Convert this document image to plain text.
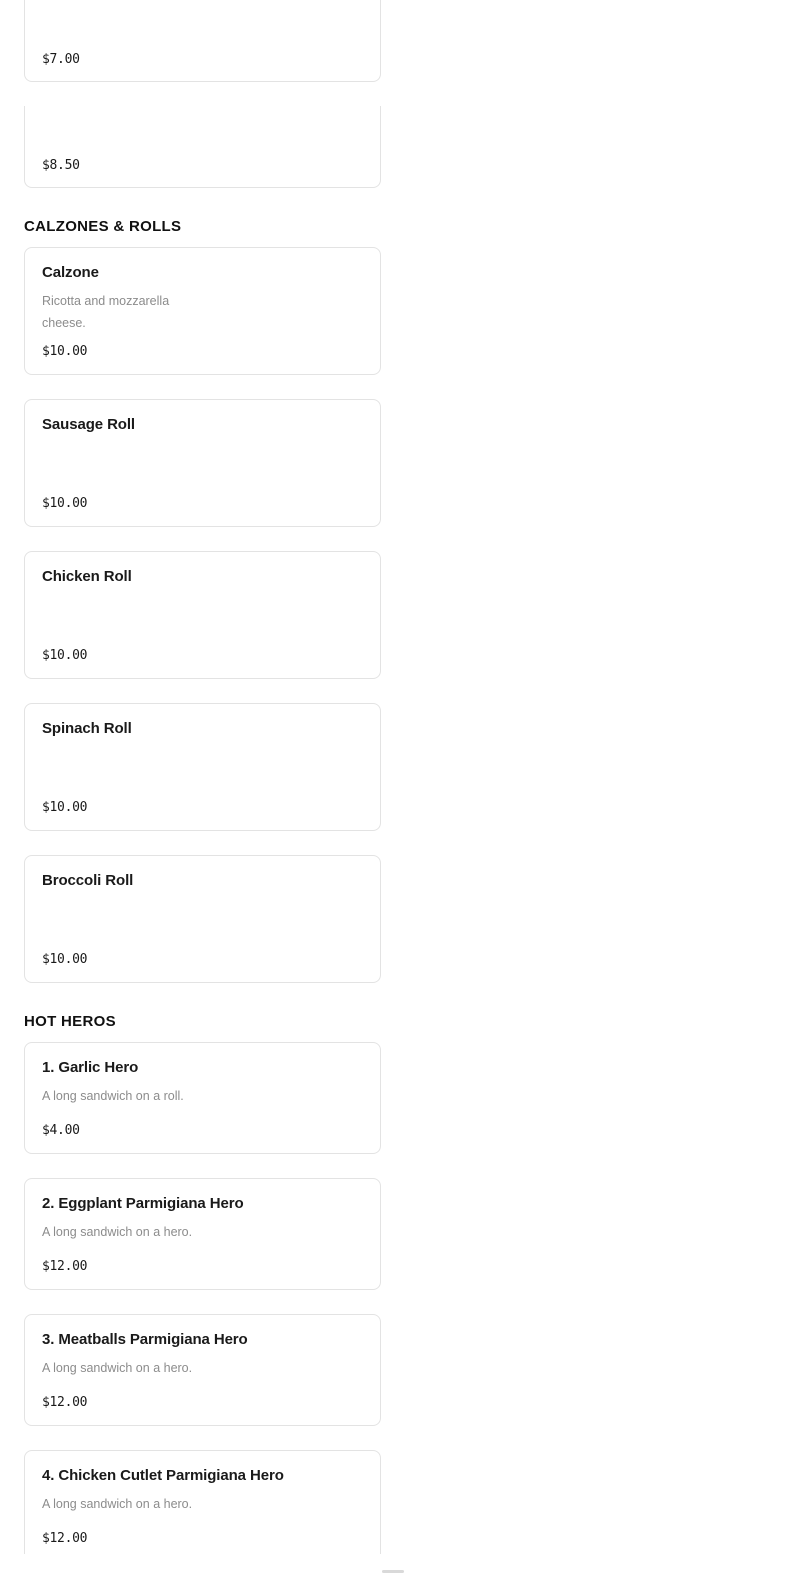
$7.00
$8.50
CALZONES & ROLLS

Calzone

Ricotta and mozzarella cheese.

$10.00

Sausage Roll

$10.00

Chicken Roll

$10.00

Spinach Roll

$10.00

Broccoli Roll

$10.00
HOT HEROS

1. Garlic Hero

A long sandwich on a roll.

$4.00

2. Eggplant Parmigiana Hero

A long sandwich on a hero.

$12.00

3. Meatballs Parmigiana Hero

A long sandwich on a hero.

$12.00

4. Chicken Cutlet Parmigiana Hero

A long sandwich on a hero.

$12.00
